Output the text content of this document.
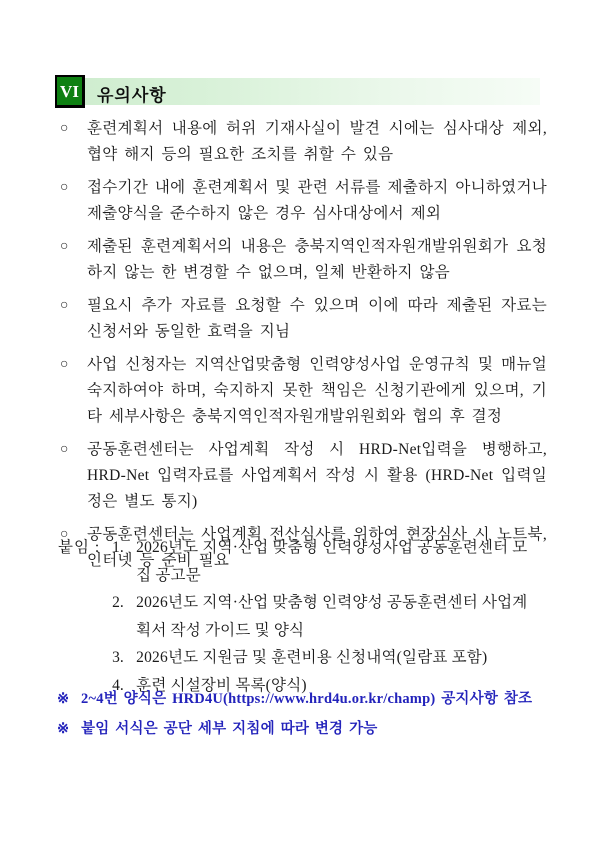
VI 유의사항
○	훈련계획서 내용에 허위 기재사실이 발견 시에는 심사대상 제외, 협약 해지 등의 필요한 조치를 취할 수 있음
○	접수기간 내에 훈련계획서 및 관련 서류를 제출하지 아니하였거나 제출양식을 준수하지 않은 경우 심사대상에서 제외
○	제출된 훈련계획서의 내용은 충북지역인적자원개발위원회가 요청하지 않는 한 변경할 수 없으며, 일체 반환하지 않음
○	필요시 추가 자료를 요청할 수 있으며 이에 따라 제출된 자료는 신청서와 동일한 효력을 지님
○	사업 신청자는 지역산업맞춤형 인력양성사업 운영규칙 및 매뉴얼 숙지하여야 하며, 숙지하지 못한 책임은 신청기관에게 있으며, 기타 세부사항은 충북지역인적자원개발위원회와 협의 후 결정
○	공동훈련센터는 사업계획 작성 시 HRD-Net입력을 병행하고, HRD-Net 입력자료를 사업계획서 작성 시 활용 (HRD-Net 입력일정은 별도 통지)
○	공동훈련센터는 사업계획 전산심사를 위하여 현장심사 시 노트북, 인터넷 등 준비 필요
붙임 : 1. 2026년도 지역·산업 맞춤형 인력양성사업 공동훈련센터 모집 공고문
2. 2026년도 지역·산업 맞춤형 인력양성 공동훈련센터 사업계획서 작성 가이드 및 양식
3. 2026년도 지원금 및 훈련비용 신청내역(일람표 포함)
4. 훈련 시설장비 목록(양식)
※ 2~4번 양식은 HRD4U(https://www.hrd4u.or.kr/champ) 공지사항 참조
※ 붙임 서식은 공단 세부 지침에 따라 변경 가능
